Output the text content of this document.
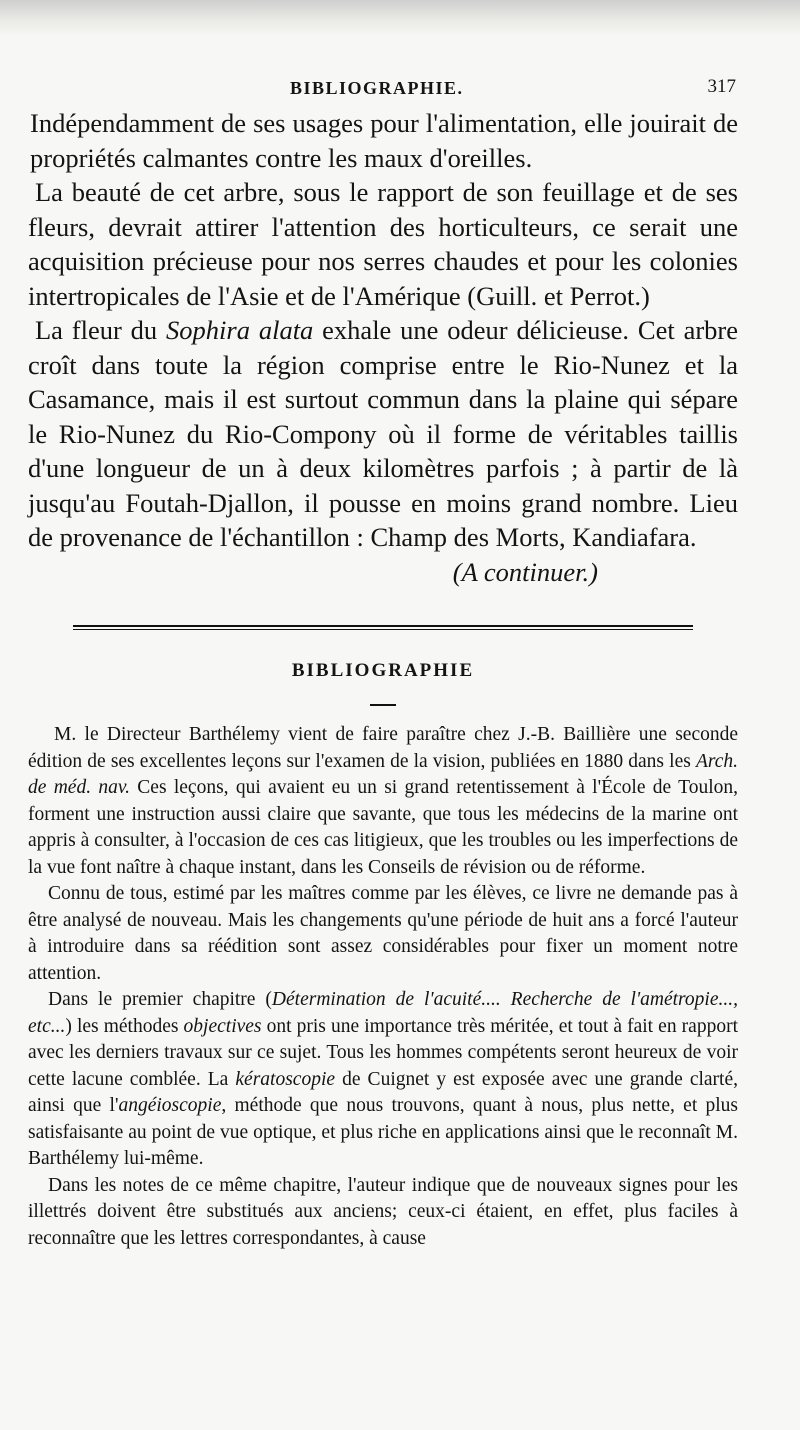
BIBLIOGRAPHIE.	317
Indépendamment de ses usages pour l'alimentation, elle jouirait de propriétés calmantes contre les maux d'oreilles.
La beauté de cet arbre, sous le rapport de son feuillage et de ses fleurs, devrait attirer l'attention des horticulteurs, ce serait une acquisition précieuse pour nos serres chaudes et pour les colonies intertropicales de l'Asie et de l'Amérique (Guill. et Perrot.)
La fleur du Sophira alata exhale une odeur délicieuse. Cet arbre croît dans toute la région comprise entre le Rio-Nunez et la Casamance, mais il est surtout commun dans la plaine qui sépare le Rio-Nunez du Rio-Compony où il forme de véritables taillis d'une longueur de un à deux kilomètres parfois ; à partir de là jusqu'au Foutah-Djallon, il pousse en moins grand nombre. Lieu de provenance de l'échantillon : Champ des Morts, Kandiafara.
(A continuer.)
BIBLIOGRAPHIE
M. le Directeur Barthélemy vient de faire paraître chez J.-B. Baillière une seconde édition de ses excellentes leçons sur l'examen de la vision, publiées en 1880 dans les Arch. de méd. nav. Ces leçons, qui avaient eu un si grand retentissement à l'École de Toulon, forment une instruction aussi claire que savante, que tous les médecins de la marine ont appris à consulter, à l'occasion de ces cas litigieux, que les troubles ou les imperfections de la vue font naître à chaque instant, dans les Conseils de révision ou de réforme.
Connu de tous, estimé par les maîtres comme par les élèves, ce livre ne demande pas à être analysé de nouveau. Mais les changements qu'une période de huit ans a forcé l'auteur à introduire dans sa réédition sont assez considérables pour fixer un moment notre attention.
Dans le premier chapitre (Détermination de l'acuité.... Recherche de l'amétropie..., etc...) les méthodes objectives ont pris une importance très méritée, et tout à fait en rapport avec les derniers travaux sur ce sujet. Tous les hommes compétents seront heureux de voir cette lacune comblée. La kératoscopie de Cuignet y est exposée avec une grande clarté, ainsi que l'angéioscopie, méthode que nous trouvons, quant à nous, plus nette, et plus satisfaisante au point de vue optique, et plus riche en applications ainsi que le reconnaît M. Barthélemy lui-même.
Dans les notes de ce même chapitre, l'auteur indique que de nouveaux signes pour les illettrés doivent être substitués aux anciens; ceux-ci étaient, en effet, plus faciles à reconnaître que les lettres correspondantes, à cause
